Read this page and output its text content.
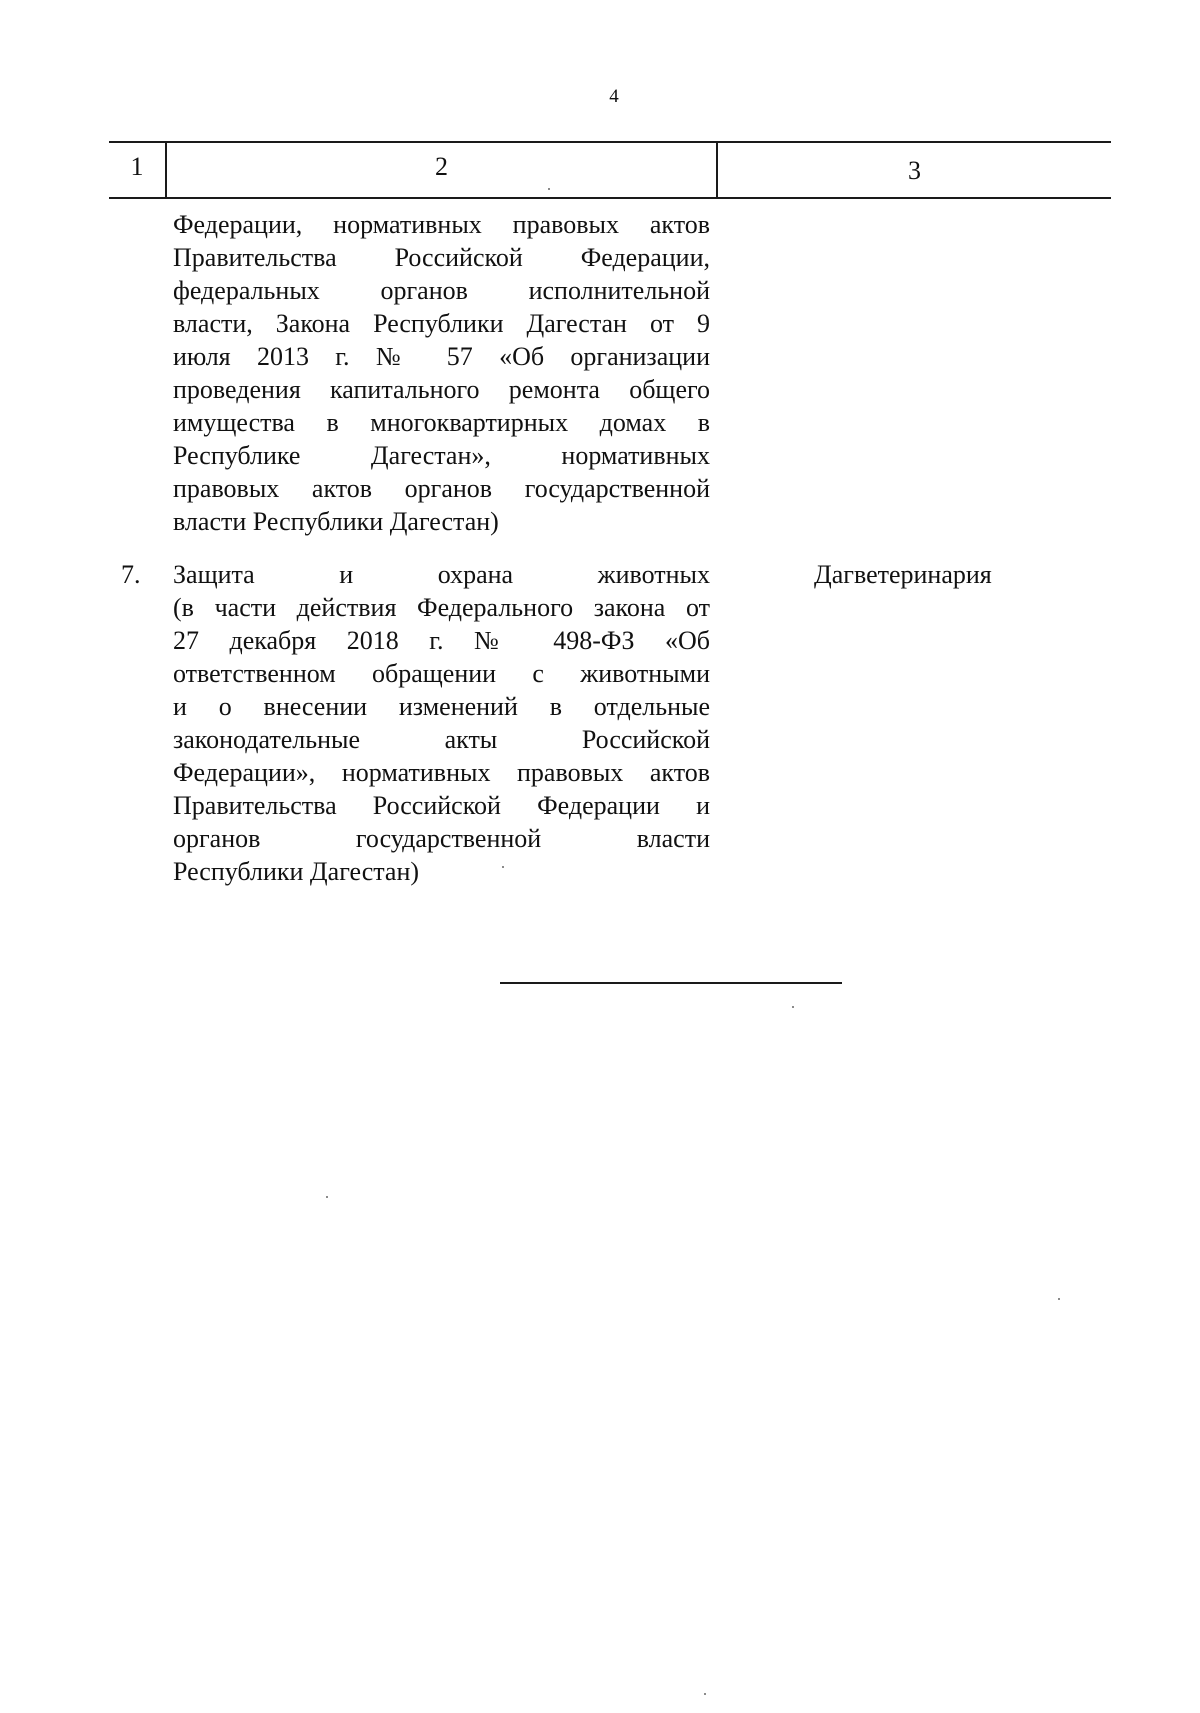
4
1	2	3
Федерации, нормативных правовых актов
Правительства Российской Федерации,
федеральных органов исполнительной
власти, Закона Республики Дагестан от 9
июля 2013 г. № 57 «Об организации
проведения капитального ремонта общего
имущества в многоквартирных домах в
Республике Дагестан», нормативных
правовых актов органов государственной
власти Республики Дагестан)
7. Защита и охрана животных
(в части действия Федерального закона от
27 декабря 2018 г. № 498-ФЗ «Об
ответственном обращении с животными
и о внесении изменений в отдельные
законодательные акты Российской
Федерации», нормативных правовых актов
Правительства Российской Федерации и
органов государственной власти
Республики Дагестан)
Дагветеринария
